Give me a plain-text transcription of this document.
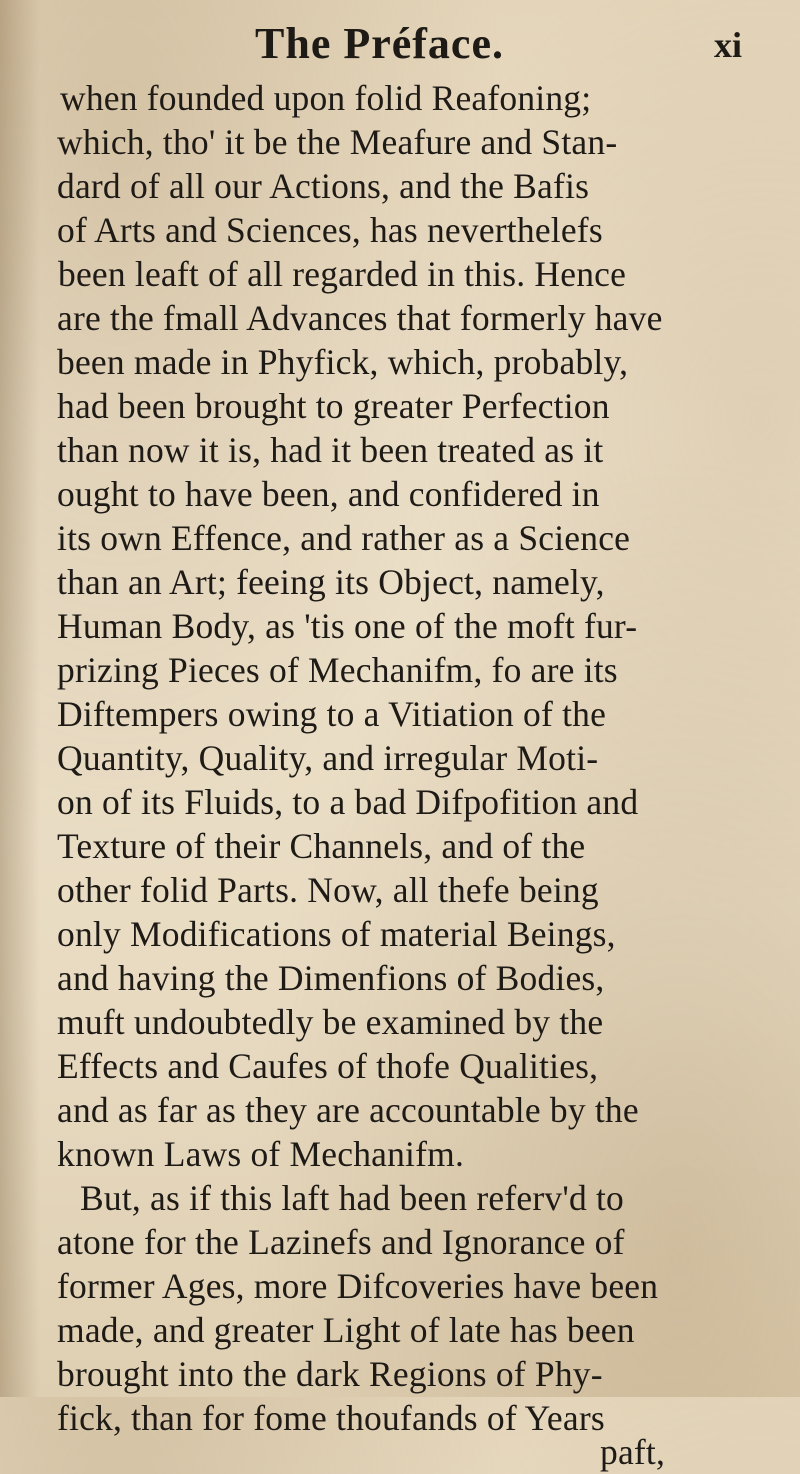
The Préface.	xi
when founded upon folid Reafoning;
which, tho' it be the Meafure and Stan-
dard of all our Actions, and the Bafis
of Arts and Sciences, has neverthelefs
been leaft of all regarded in this. Hence
are the fmall Advances that formerly have
been made in Phyfick, which, probably,
had been brought to greater Perfection
than now it is, had it been treated as it
ought to have been, and confidered in
its own Effence, and rather as a Science
than an Art; feeing its Object, namely,
Human Body, as 'tis one of the moft fur-
prizing Pieces of Mechanifm, fo are its
Diftempers owing to a Vitiation of the
Quantity, Quality, and irregular Moti-
on of its Fluids, to a bad Difpofition and
Texture of their Channels, and of the
other folid Parts. Now, all thefe being
only Modifications of material Beings,
and having the Dimenfions of Bodies,
muft undoubtedly be examined by the
Effects and Caufes of thofe Qualities,
and as far as they are accountable by the
known Laws of Mechanifm.
But, as if this laft had been referv'd to
atone for the Lazinefs and Ignorance of
former Ages, more Difcoveries have been
made, and greater Light of late has been
brought into the dark Regions of Phy-
fick, than for fome thoufands of Years
paft,
